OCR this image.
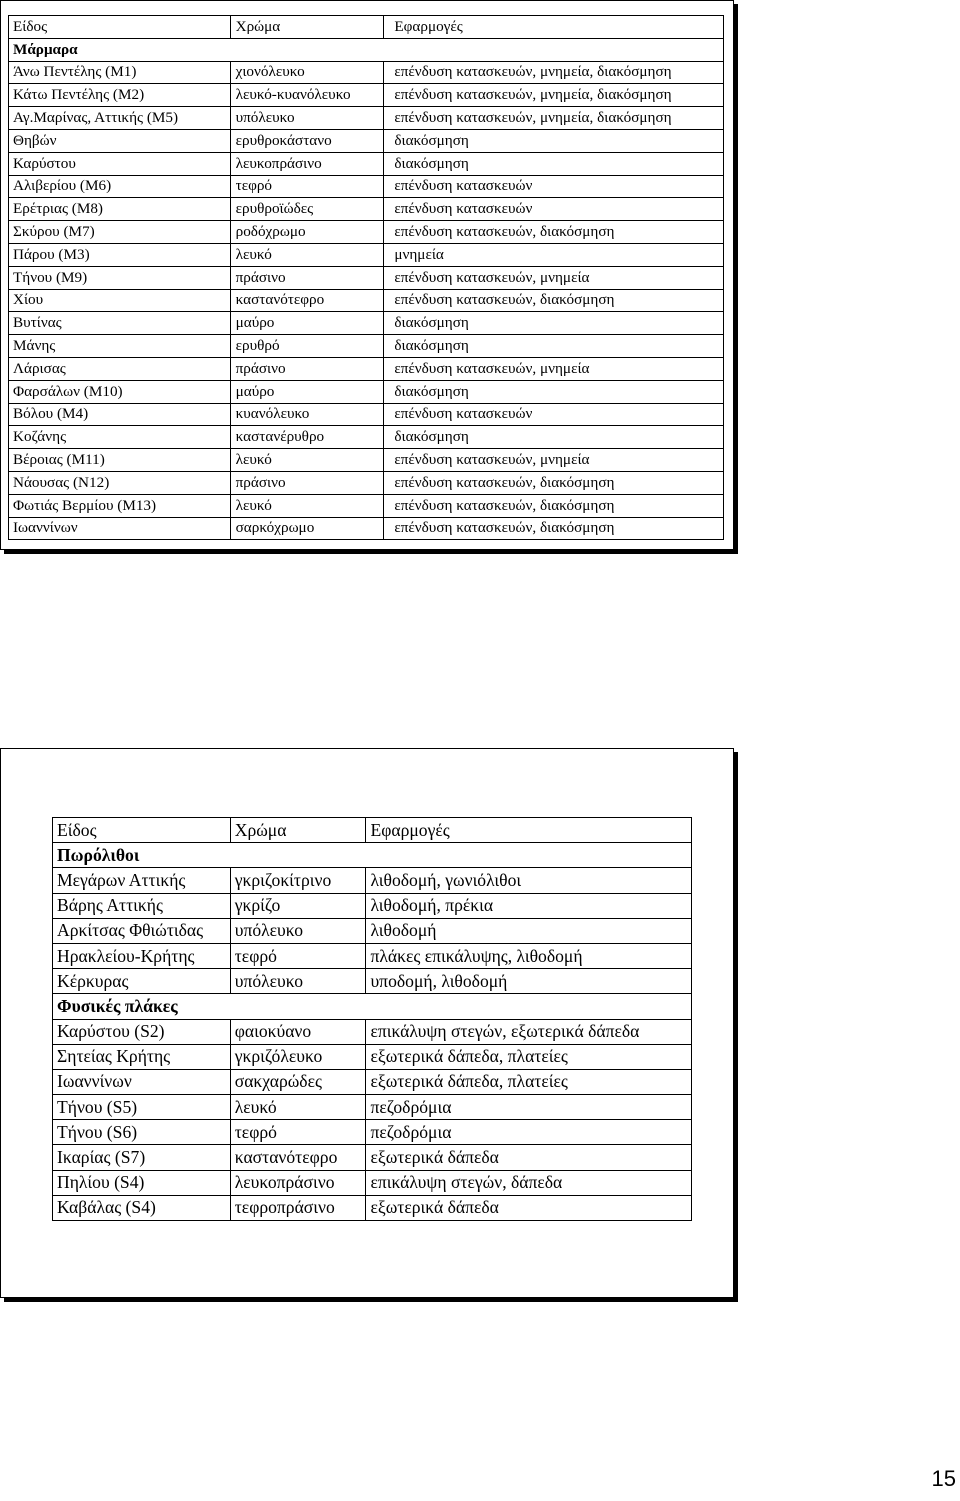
Είδος	Χρώμα	Εφαρμογές
Μάρμαρα		
Άνω Πεντέλης (Μ1)	χιονόλευκο	επένδυση κατασκευών, μνημεία, διακόσμηση
Κάτω Πεντέλης (Μ2)	λευκό-κυανόλευκο	επένδυση κατασκευών, μνημεία, διακόσμηση
Αγ.Μαρίνας, Αττικής (Μ5)	υπόλευκο	επένδυση κατασκευών, μνημεία, διακόσμηση
Θηβών	ερυθροκάστανο	διακόσμηση
Καρύστου	λευκοπράσινο	διακόσμηση
Αλιβερίου (Μ6)	τεφρό	επένδυση κατασκευών
Ερέτριας (Μ8)	ερυθροϊώδες	επένδυση κατασκευών
Σκύρου (Μ7)	ροδόχρωμο	επένδυση κατασκευών, διακόσμηση
Πάρου (Μ3)	λευκό	μνημεία
Τήνου (Μ9)	πράσινο	επένδυση κατασκευών, μνημεία
Χίου	καστανότεφρο	επένδυση κατασκευών, διακόσμηση
Βυτίνας	μαύρο	διακόσμηση
Μάνης	ερυθρό	διακόσμηση
Λάρισας	πράσινο	επένδυση κατασκευών, μνημεία
Φαρσάλων (Μ10)	μαύρο	διακόσμηση
Βόλου (Μ4)	κυανόλευκο	επένδυση κατασκευών
Κοζάνης	καστανέρυθρο	διακόσμηση
Βέροιας (Μ11)	λευκό	επένδυση κατασκευών, μνημεία
Νάουσας (Ν12)	πράσινο	επένδυση κατασκευών, διακόσμηση
Φωτιάς Βερμίου (Μ13)	λευκό	επένδυση κατασκευών, διακόσμηση
Ιωαννίνων	σαρκόχρωμο	επένδυση κατασκευών, διακόσμηση
Είδος	Χρώμα	Εφαρμογές
Πωρόλιθοι		
Μεγάρων Αττικής	γκριζοκίτρινο	λιθοδομή, γωνιόλιθοι
Βάρης Αττικής	γκρίζο	λιθοδομή, πρέκια
Αρκίτσας Φθιώτιδας	υπόλευκο	λιθοδομή
Ηρακλείου-Κρήτης	τεφρό	πλάκες επικάλυψης, λιθοδομή
Κέρκυρας	υπόλευκο	υποδομή, λιθοδομή
Φυσικές πλάκες		
Καρύστου (S2)	φαιοκύανο	επικάλυψη στεγών, εξωτερικά δάπεδα
Σητείας Κρήτης	γκριζόλευκο	εξωτερικά δάπεδα, πλατείες
Ιωαννίνων	σακχαρώδες	εξωτερικά δάπεδα, πλατείες
Τήνου (S5)	λευκό	πεζοδρόμια
Τήνου (S6)	τεφρό	πεζοδρόμια
Ικαρίας (S7)	καστανότεφρο	εξωτερικά δάπεδα
Πηλίου (S4)	λευκοπράσινο	επικάλυψη στεγών, δάπεδα
Καβάλας (S4)	τεφροπράσινο	εξωτερικά δάπεδα
15
